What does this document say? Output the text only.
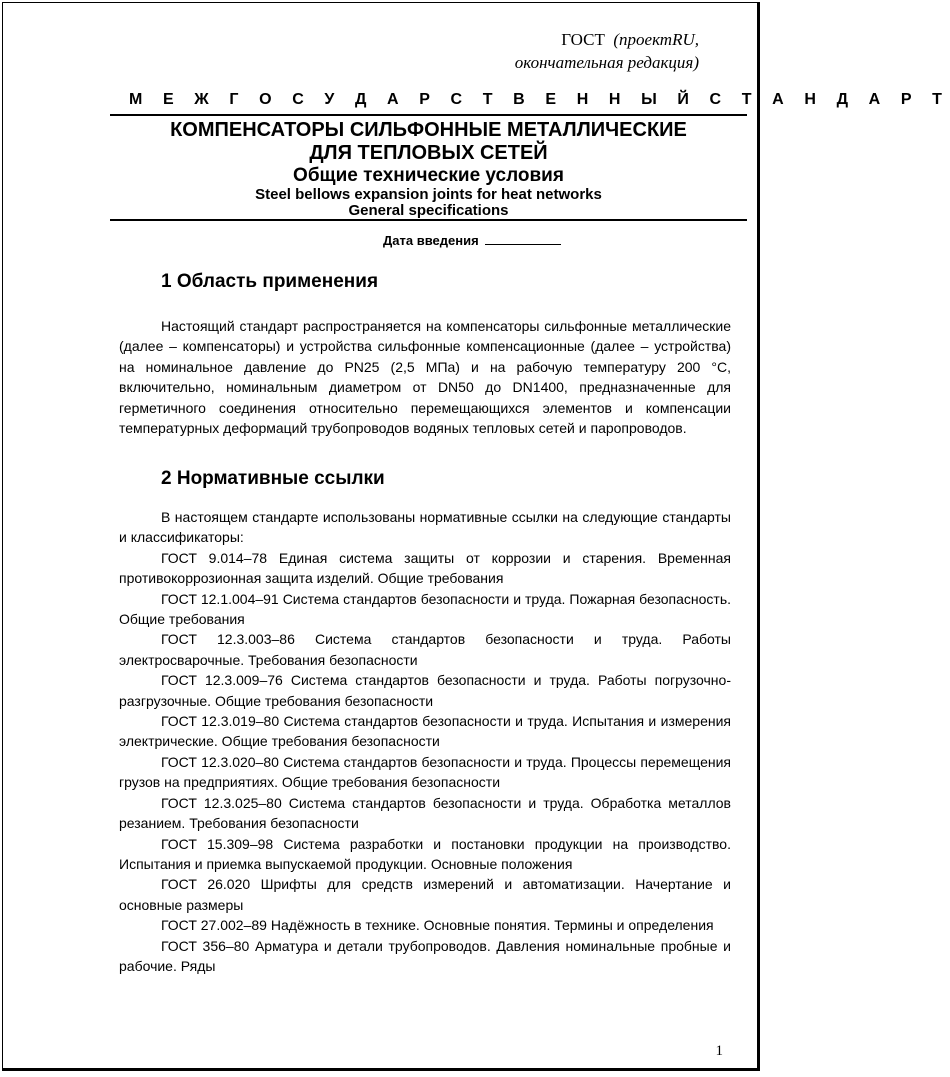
ГОСТ (проектRU,
окончательная редакция)
М Е Ж Г О С У Д А Р С Т В Е Н Н Ы Й С Т А Н Д А Р Т
КОМПЕНСАТОРЫ СИЛЬФОННЫЕ МЕТАЛЛИЧЕСКИЕ
ДЛЯ ТЕПЛОВЫХ СЕТЕЙ
Общие технические условия
Steel bellows expansion joints for heat networks
General specifications
Дата введения
1 Область применения

Настоящий стандарт распространяется на компенсаторы сильфонные металлические (далее – компенсаторы) и устройства сильфонные компенсационные (далее – устройства) на номинальное давление до PN25 (2,5 МПа) и на рабочую температуру 200 °С, включительно, номинальным диаметром от DN50 до DN1400, предназначенные для герметичного соединения относительно перемещающихся элементов и компенсации температурных деформаций трубопроводов водяных тепловых сетей и паропроводов.

2 Нормативные ссылки

В настоящем стандарте использованы нормативные ссылки на следующие стандарты и классификаторы:

ГОСТ 9.014–78 Единая система защиты от коррозии и старения. Временная противокоррозионная защита изделий. Общие требования

ГОСТ 12.1.004–91 Система стандартов безопасности и труда. Пожарная безопасность. Общие требования

ГОСТ 12.3.003–86 Система стандартов безопасности и труда. Работы электросварочные. Требования безопасности

ГОСТ 12.3.009–76 Система стандартов безопасности и труда. Работы погрузочно-разгрузочные. Общие требования безопасности

ГОСТ 12.3.019–80 Система стандартов безопасности и труда. Испытания и измерения электрические. Общие требования безопасности

ГОСТ 12.3.020–80 Система стандартов безопасности и труда. Процессы перемещения грузов на предприятиях. Общие требования безопасности

ГОСТ 12.3.025–80 Система стандартов безопасности и труда. Обработка металлов резанием. Требования безопасности

ГОСТ 15.309–98 Система разработки и постановки продукции на производство. Испытания и приемка выпускаемой продукции. Основные положения

ГОСТ 26.020 Шрифты для средств измерений и автоматизации. Начертание и основные размеры

ГОСТ 27.002–89 Надёжность в технике. Основные понятия. Термины и определения

ГОСТ 356–80 Арматура и детали трубопроводов. Давления номинальные пробные и рабочие. Ряды

1
